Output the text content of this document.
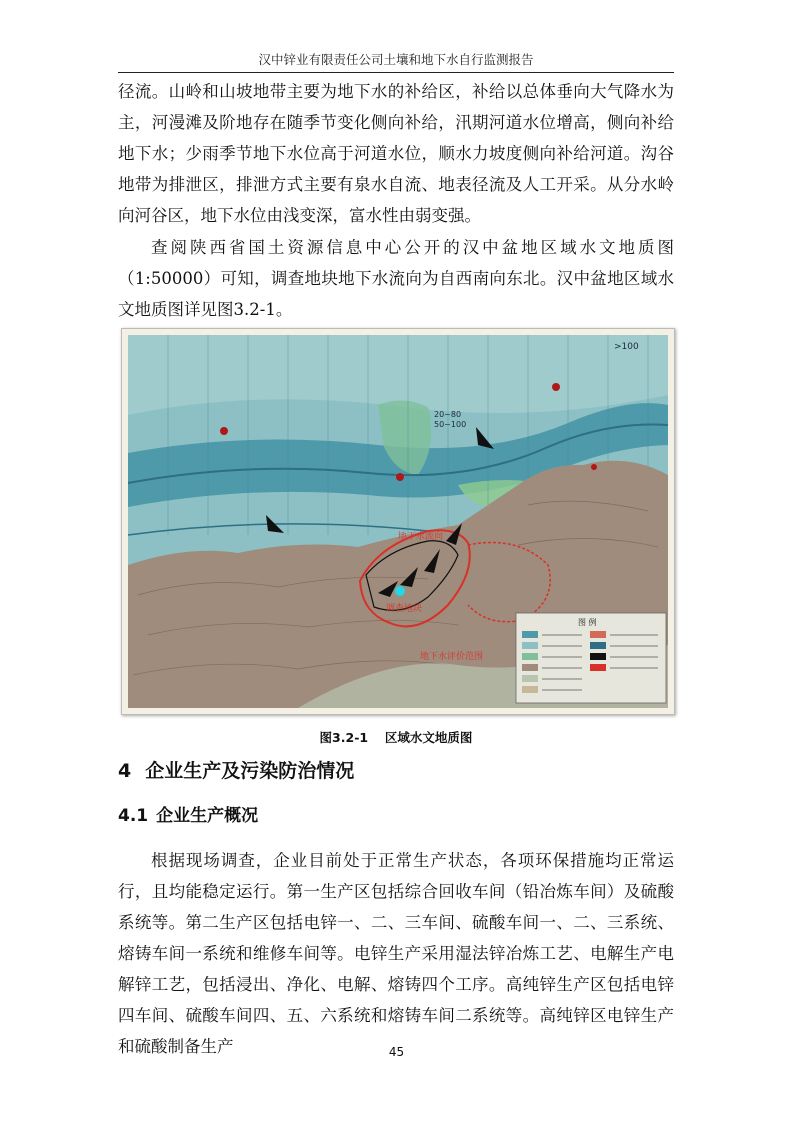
汉中锌业有限责任公司土壤和地下水自行监测报告

径流。山岭和山坡地带主要为地下水的补给区，补给以总体垂向大气降水为主，河漫滩及阶地存在随季节变化侧向补给，汛期河道水位增高，侧向补给地下水；少雨季节地下水位高于河道水位，顺水力坡度侧向补给河道。沟谷地带为排泄区，排泄方式主要有泉水自流、地表径流及人工开采。从分水岭向河谷区，地下水位由浅变深，富水性由弱变强。

查阅陕西省国土资源信息中心公开的汉中盆地区域水文地质图（1:50000）可知，调查地块地下水流向为自西南向东北。汉中盆地区域水文地质图详见图3.2-1。

>100
20~80
50~100
地下水流向
调查地块
地下水评价范围
图 例
图3.2-1　 区域水文地质图
4 企业生产及污染防治情况
4.1 企业生产概况

根据现场调查，企业目前处于正常生产状态，各项环保措施均正常运行，且均能稳定运行。第一生产区包括综合回收车间（铅冶炼车间）及硫酸系统等。第二生产区包括电锌一、二、三车间、硫酸车间一、二、三系统、熔铸车间一系统和维修车间等。电锌生产采用湿法锌冶炼工艺、电解生产电解锌工艺，包括浸出、净化、电解、熔铸四个工序。高纯锌生产区包括电锌四车间、硫酸车间四、五、六系统和熔铸车间二系统等。高纯锌区电锌生产和硫酸制备生产	45
